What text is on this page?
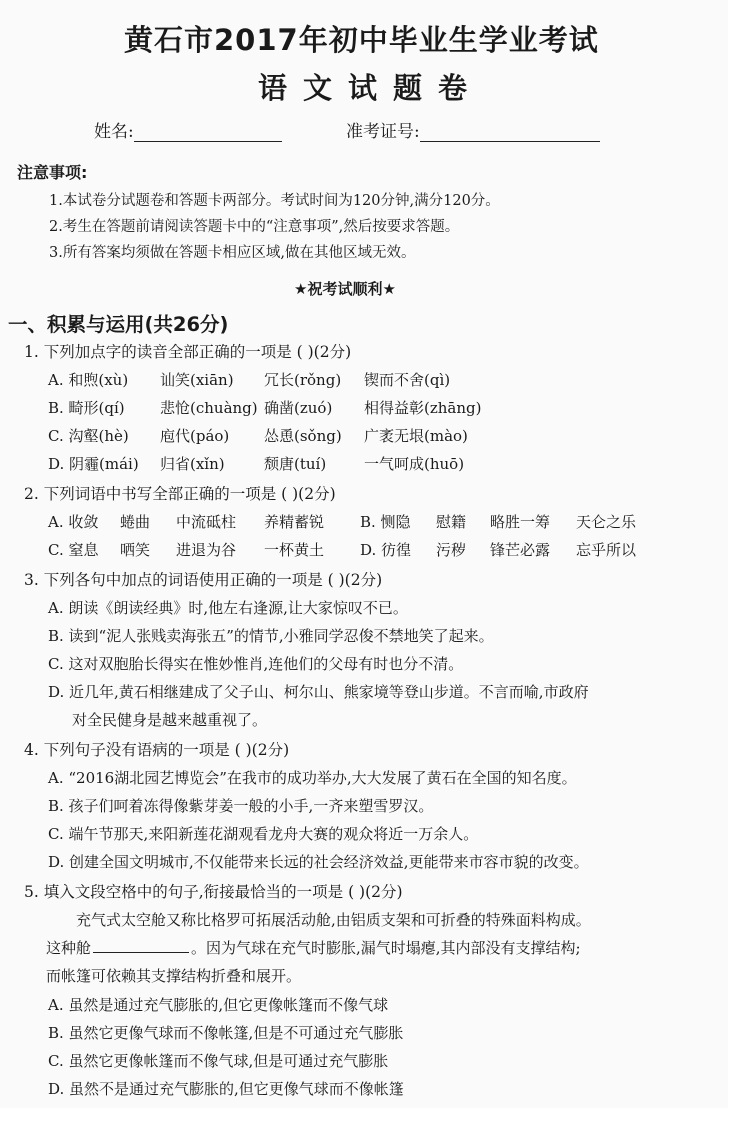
黄石市2017年初中毕业生学业考试
语文试题卷
姓名:	准考证号:
注意事项:
1.本试卷分试题卷和答题卡两部分。考试时间为120分钟,满分120分。
2.考生在答题前请阅读答题卡中的“注意事项”,然后按要求答题。
3.所有答案均须做在答题卡相应区域,做在其他区域无效。
★祝考试顺利★
一、积累与运用(共26分)
1. 下列加点字的读音全部正确的一项是 ( )(2分)
A. 和煦(xù) 讪笑(xiān) 冗长(rǒng) 锲而不舍(qì)
B. 畸形(qí) 悲怆(chuàng) 确凿(zuó) 相得益彰(zhāng)
C. 沟壑(hè) 庖代(páo) 怂恿(sǒng) 广袤无垠(mào)
D. 阴霾(mái) 归省(xǐn)	颓唐(tuí)	一气呵成(huō)
2. 下列词语中书写全部正确的一项是 ( )(2分)
A. 收敛 蜷曲 中流砥柱 养精蓄锐 B. 恻隐 慰籍 略胜一筹 天仑之乐
C. 窒息 哂笑 进退为谷 一杯黄土 D. 彷徨 污秽 锋芒必露 忘乎所以
3. 下列各句中加点的词语使用正确的一项是 ( )(2分)
A. 朗读《朗读经典》时,他左右逢源,让大家惊叹不已。
B. 读到“泥人张贱卖海张五”的情节,小雅同学忍俊不禁地笑了起来。
C. 这对双胞胎长得实在惟妙惟肖,连他们的父母有时也分不清。
D. 近几年,黄石相继建成了父子山、柯尔山、熊家境等登山步道。不言而喻,市政府
对全民健身是越来越重视了。
4. 下列句子没有语病的一项是 ( )(2分)
A. “2016湖北园艺博览会”在我市的成功举办,大大发展了黄石在全国的知名度。
B. 孩子们呵着冻得像紫芽姜一般的小手,一齐来塑雪罗汉。
C. 端午节那天,来阳新莲花湖观看龙舟大赛的观众将近一万余人。
D. 创建全国文明城市,不仅能带来长远的社会经济效益,更能带来市容市貌的改变。
5. 填入文段空格中的句子,衔接最恰当的一项是 ( )(2分)
充气式太空舱又称比格罗可拓展活动舱,由铝质支架和可折叠的特殊面料构成。
这种舱	。因为气球在充气时膨胀,漏气时塌瘪,其内部没有支撑结构;
而帐篷可依赖其支撑结构折叠和展开。
A. 虽然是通过充气膨胀的,但它更像帐篷而不像气球
B. 虽然它更像气球而不像帐篷,但是不可通过充气膨胀
C. 虽然它更像帐篷而不像气球,但是可通过充气膨胀
D. 虽然不是通过充气膨胀的,但它更像气球而不像帐篷
